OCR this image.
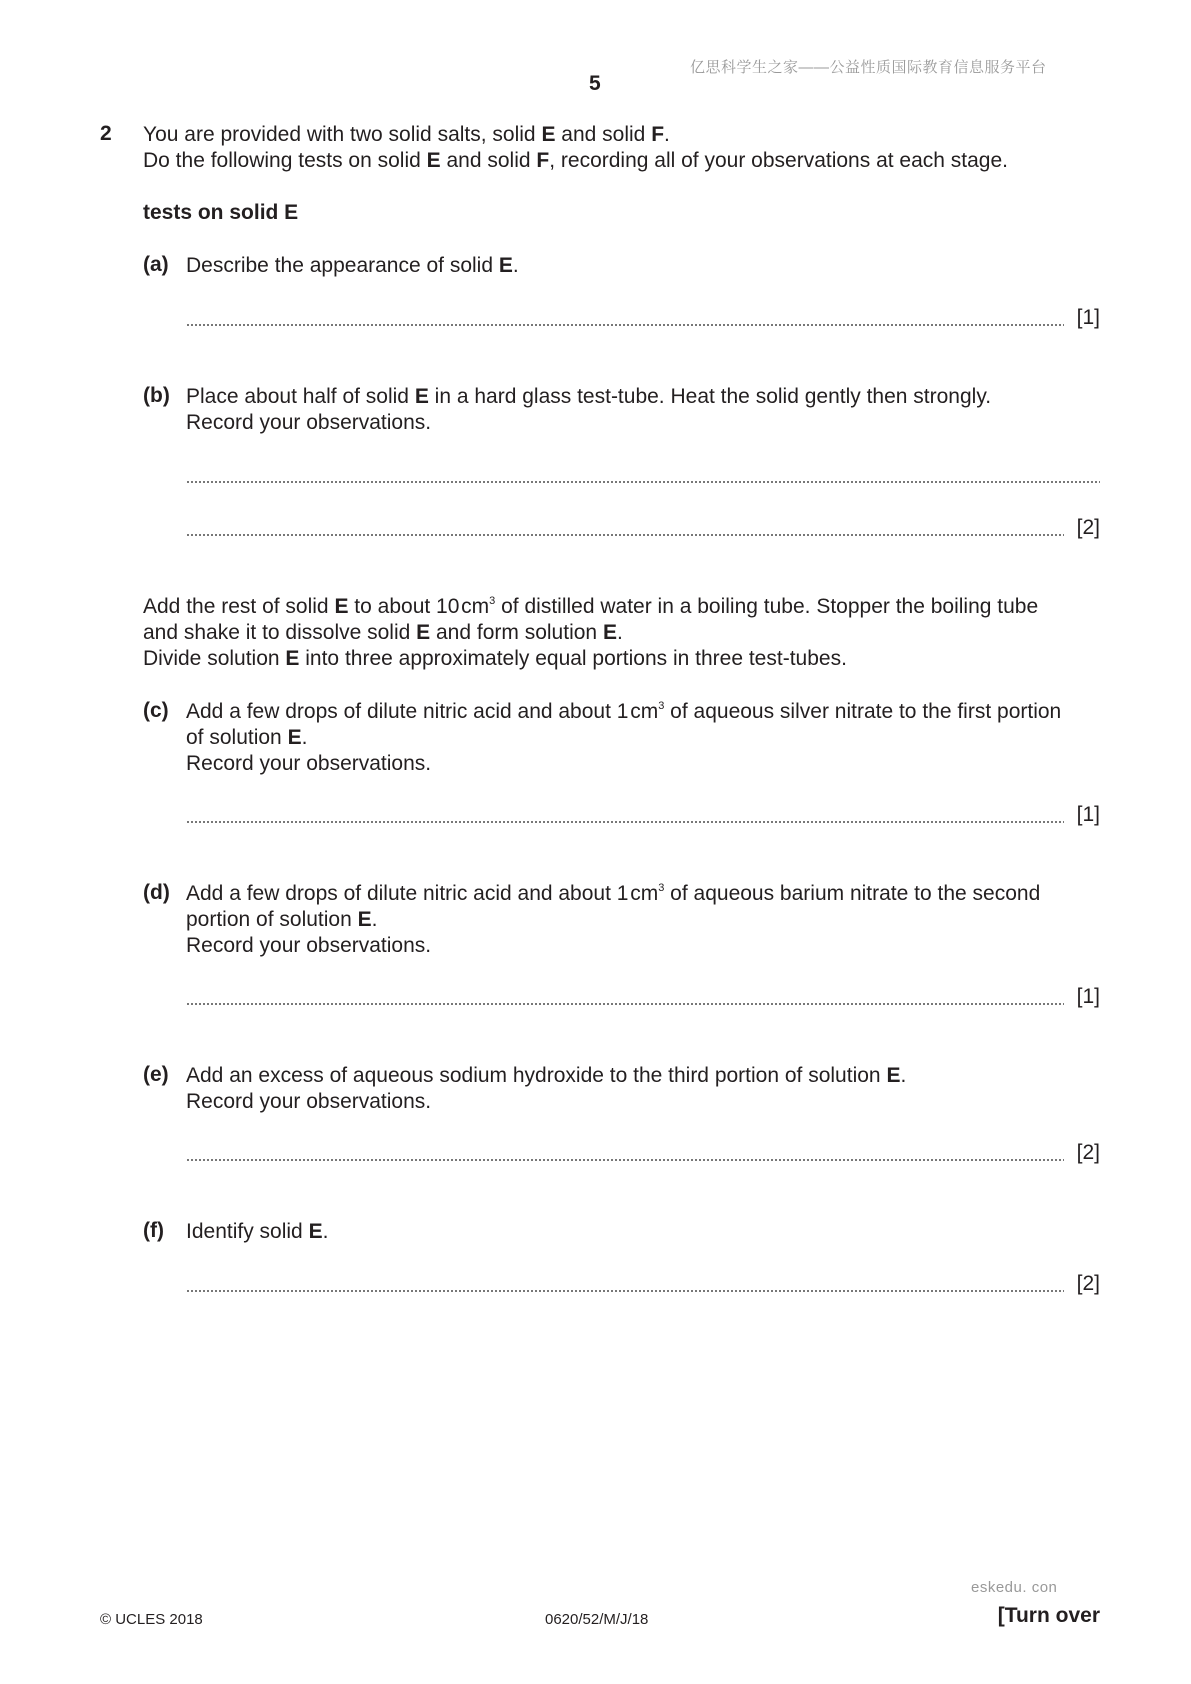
亿思科学生之家——公益性质国际教育信息服务平台
5
2 You are provided with two solid salts, solid E and solid F.
Do the following tests on solid E and solid F, recording all of your observations at each stage.
tests on solid E
(a) Describe the appearance of solid E.
[1]
(b) Place about half of solid E in a hard glass test-tube. Heat the solid gently then strongly.
Record your observations.
[2]
Add the rest of solid E to about 10 $cm^3$ of distilled water in a boiling tube. Stopper the boiling tube
and shake it to dissolve solid E and form solution E.
Divide solution E into three approximately equal portions in three test-tubes.
(c) Add a few drops of dilute nitric acid and about 1 $cm^3$ of aqueous silver nitrate to the first portion
of solution E.
Record your observations.
[1]
(d) Add a few drops of dilute nitric acid and about 1 $cm^3$ of aqueous barium nitrate to the second
portion of solution E.
Record your observations.
[1]
(e) Add an excess of aqueous sodium hydroxide to the third portion of solution E.
Record your observations.
[2]
(f) Identify solid E.
[2]
eskedu. con
© UCLES 2018	0620/52/M/J/18	[Turn over
